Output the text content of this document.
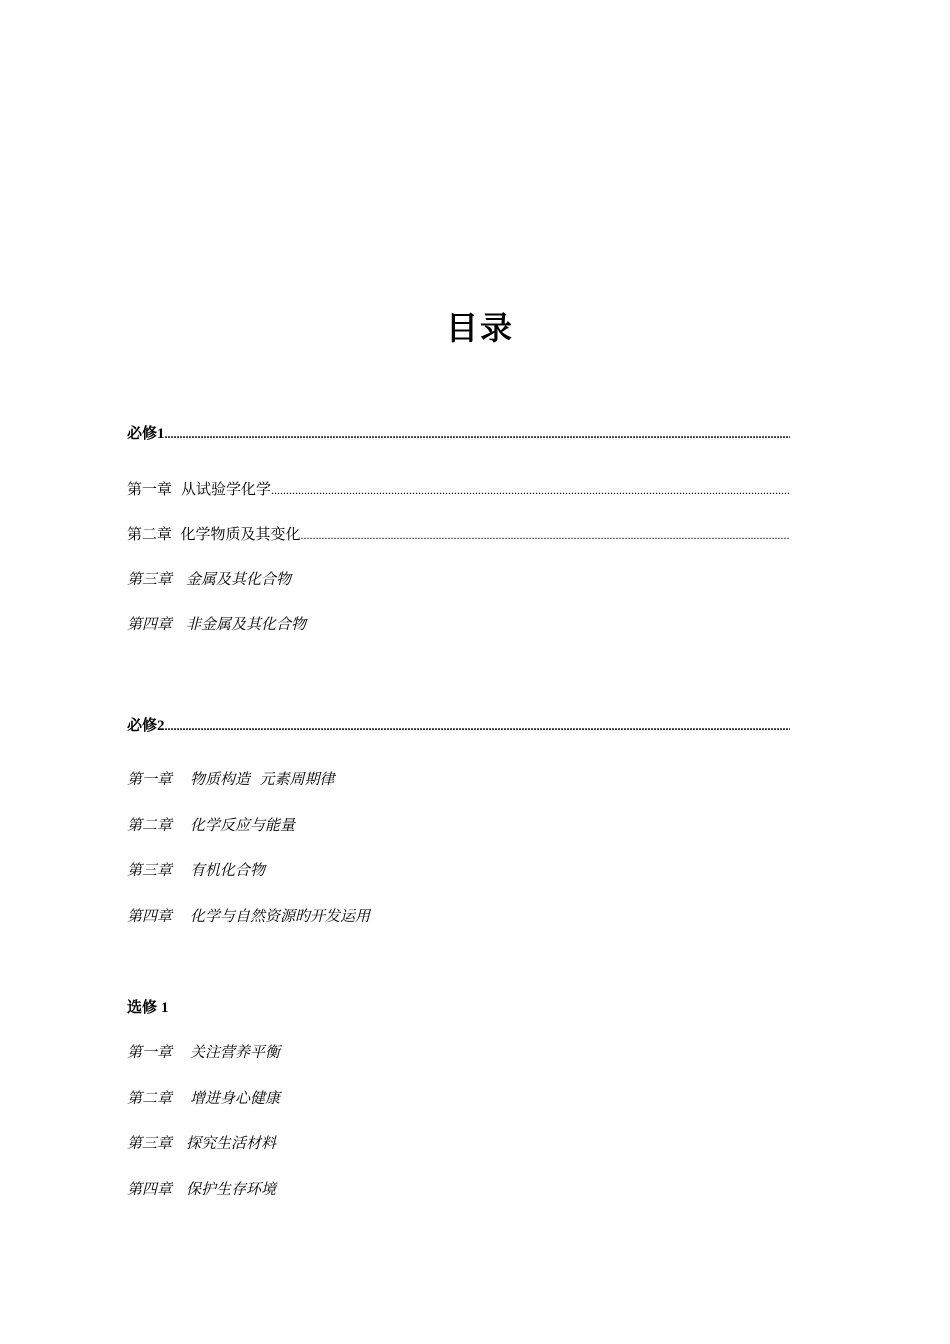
目录
必修 1
.....
第一章 从试验学化学
.....
第二章 化学物质及其变化
.....
第三章 金属及其化合物
第四章 非金属及其化合物
必修 2
.....
第一章 物质构造  元素周期律
第二章 化学反应与能量
第三章 有机化合物
第四章 化学与自然资源旳开发运用
选修 1
第一章 关注营养平衡
第二章 增进身心健康
第三章 探究生活材料
第四章 保护生存环境
